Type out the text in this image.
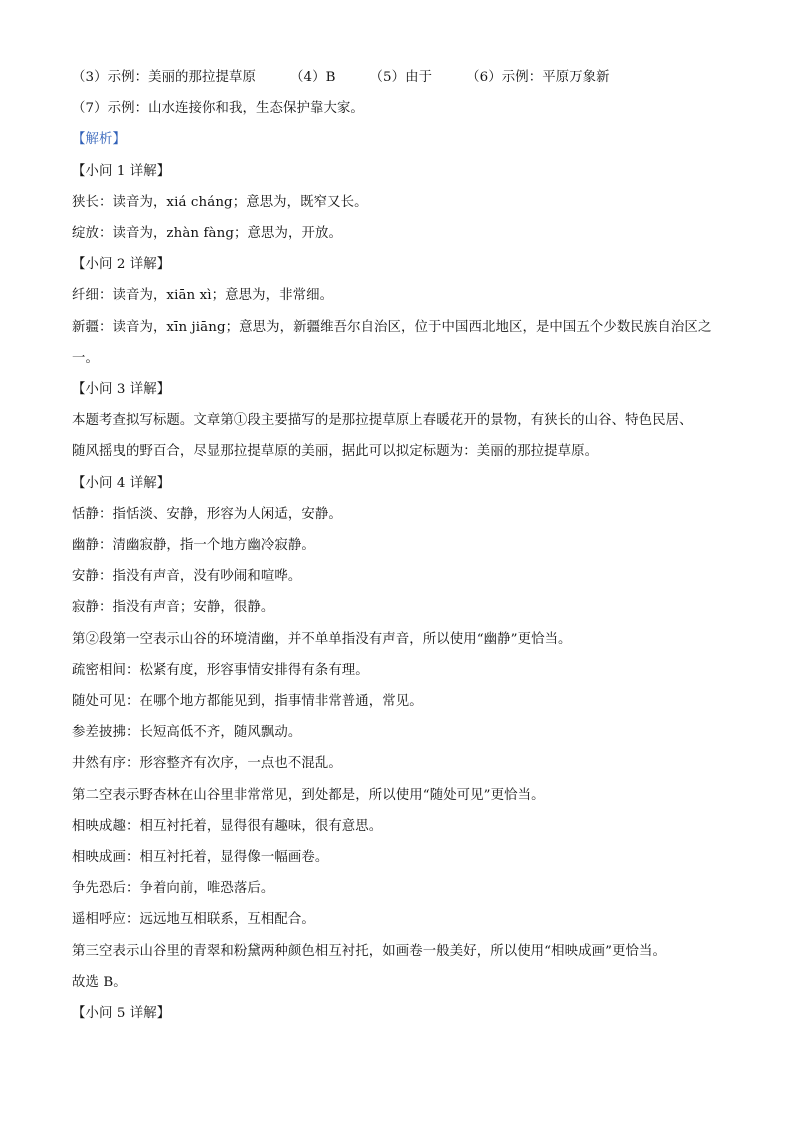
（3）示例：美丽的那拉提草原	（4）B	（5）由于	（6）示例：平原万象新
（7）示例：山水连接你和我，生态保护靠大家。
【解析】
【小问 1 详解】
狭长：读音为，xiá cháng；意思为，既窄又长。
绽放：读音为，zhàn fàng；意思为，开放。
【小问 2 详解】
纤细：读音为，xiān xì；意思为，非常细。
新疆：读音为，xīn jiāng；意思为，新疆维吾尔自治区，位于中国西北地区，是中国五个少数民族自治区之
一。
【小问 3 详解】
本题考查拟写标题。文章第①段主要描写的是那拉提草原上春暖花开的景物，有狭长的山谷、特色民居、
随风摇曳的野百合，尽显那拉提草原的美丽，据此可以拟定标题为：美丽的那拉提草原。
【小问 4 详解】
恬静：指恬淡、安静，形容为人闲适，安静。
幽静：清幽寂静，指一个地方幽冷寂静。
安静：指没有声音，没有吵闹和喧哗。
寂静：指没有声音；安静，很静。
第②段第一空表示山谷的环境清幽，并不单单指没有声音，所以使用“幽静”更恰当。
疏密相间：松紧有度，形容事情安排得有条有理。
随处可见：在哪个地方都能见到，指事情非常普通，常见。
参差披拂：长短高低不齐，随风飘动。
井然有序：形容整齐有次序，一点也不混乱。
第二空表示野杏林在山谷里非常常见，到处都是，所以使用“随处可见”更恰当。
相映成趣：相互衬托着，显得很有趣味，很有意思。
相映成画：相互衬托着，显得像一幅画卷。
争先恐后：争着向前，唯恐落后。
遥相呼应：远远地互相联系，互相配合。
第三空表示山谷里的青翠和粉黛两种颜色相互衬托，如画卷一般美好，所以使用“相映成画”更恰当。
故选 B。
【小问 5 详解】
